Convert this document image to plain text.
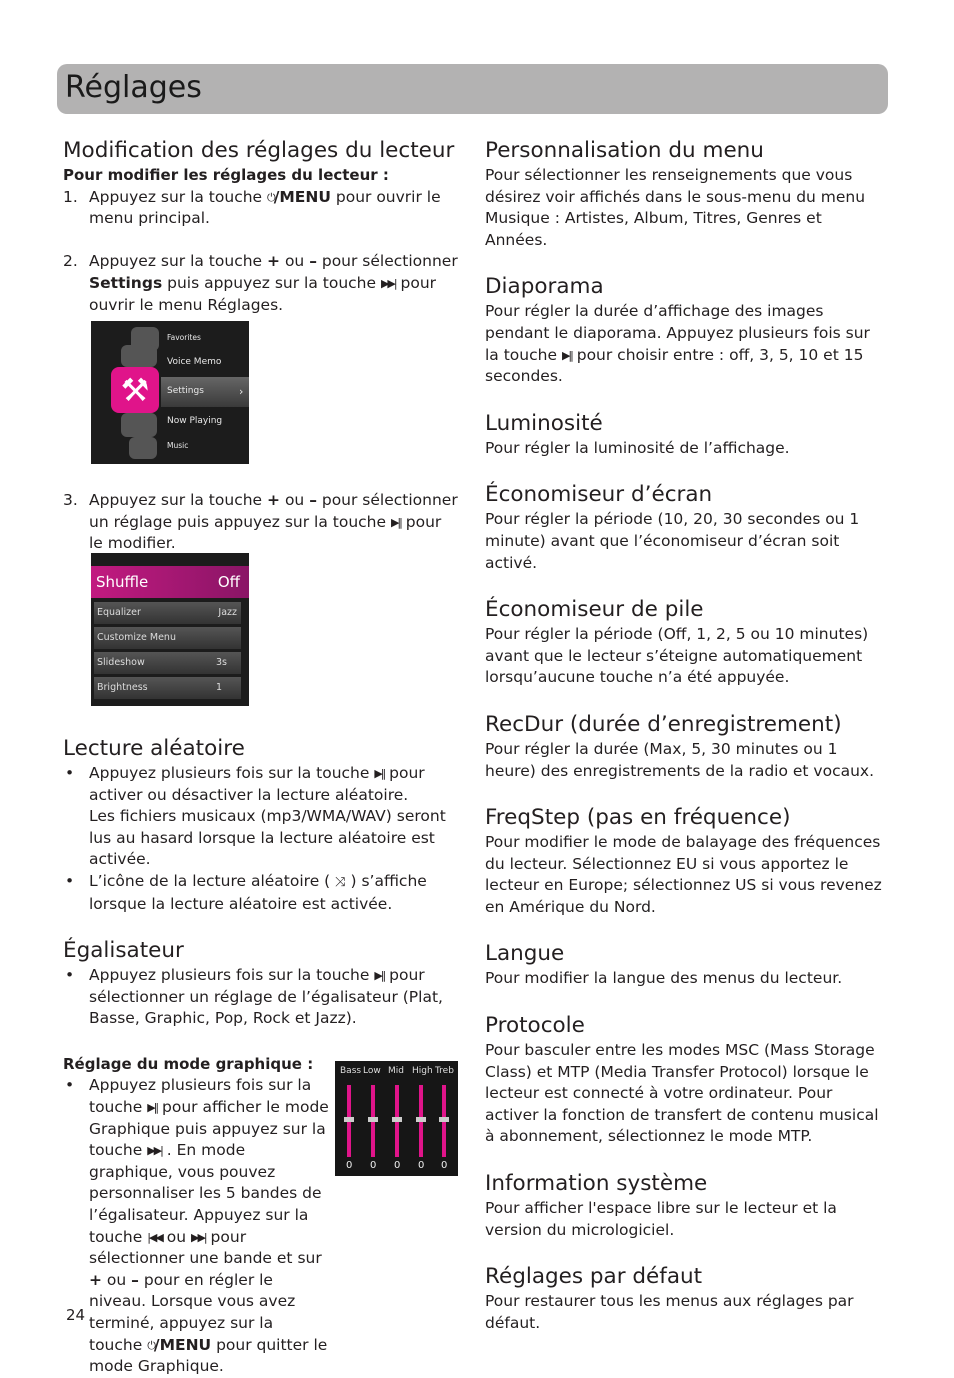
Réglages
Modification des réglages du lecteur

Pour modifier les réglages du lecteur :

1. Appuyez sur la touche ⏻/MENU pour ouvrir le menu principal.

2. Appuyez sur la touche + ou – pour sélectionner Settings puis appuyez sur la touche ▶▶| pour ouvrir le menu Réglages.

3. Appuyez sur la touche + ou – pour sélectionner un réglage puis appuyez sur la touche ▶|| pour le modifier.

Lecture aléatoire

• Appuyez plusieurs fois sur la touche ▶|| pour activer ou désactiver la lecture aléatoire.
Les fichiers musicaux (mp3/WMA/WAV) seront lus au hasard lorsque la lecture aléatoire est activée.

• L’icône de la lecture aléatoire ( ⤨ ) s’affiche lorsque la lecture aléatoire est activée.

Égalisateur

• Appuyez plusieurs fois sur la touche ▶|| pour sélectionner un réglage de l’égalisateur (Plat, Basse, Graphic, Pop, Rock et Jazz).

Réglage du mode graphique :

• Appuyez plusieurs fois sur la touche ▶|| pour afficher le mode Graphique puis appuyez sur la touche ▶▶| . En mode graphique, vous pouvez personnaliser les 5 bandes de l’égalisateur. Appuyez sur la touche |◀◀ ou ▶▶| pour sélectionner une bande et sur + ou – pour en régler le niveau. Lorsque vous avez terminé, appuyez sur la touche ⏻/MENU pour quitter le mode Graphique.

⚒
Favorites
Voice Memo
Settings	›
Now Playing
Music
Shuffle	Off
Equalizer	Jazz
Customize Menu
Slideshow	3s
Brightness	1
Bass Low Mid High Treb
0 0 0 0 0
Personnalisation du menu

Pour sélectionner les renseignements que vous désirez voir affichés dans le sous-menu du menu Musique : Artistes, Album, Titres, Genres et Années.

Diaporama

Pour régler la durée d’affichage des images pendant le diaporama. Appuyez plusieurs fois sur la touche ▶|| pour choisir entre : off, 3, 5, 10 et 15 secondes.

Luminosité

Pour régler la luminosité de l’affichage.

Économiseur d’écran

Pour régler la période (10, 20, 30 secondes ou 1 minute) avant que l’économiseur d’écran soit activé.

Économiseur de pile

Pour régler la période (Off, 1, 2, 5 ou 10 minutes) avant que le lecteur s’éteigne automatiquement lorsqu’aucune touche n’a été appuyée.

RecDur (durée d’enregistrement)

Pour régler la durée (Max, 5, 30 minutes ou 1 heure) des enregistrements de la radio et vocaux.

FreqStep (pas en fréquence)

Pour modifier le mode de balayage des fréquences du lecteur. Sélectionnez EU si vous apportez le lecteur en Europe; sélectionnez US si vous revenez en Amérique du Nord.

Langue

Pour modifier la langue des menus du lecteur.

Protocole

Pour basculer entre les modes MSC (Mass Storage Class) et MTP (Media Transfer Protocol) lorsque le lecteur est connecté à votre ordinateur. Pour activer la fonction de transfert de contenu musical à abonnement, sélectionnez le mode MTP.

Information système

Pour afficher l'espace libre sur le lecteur et la version du micrologiciel.

Réglages par défaut

Pour restaurer tous les menus aux réglages par défaut.

24
